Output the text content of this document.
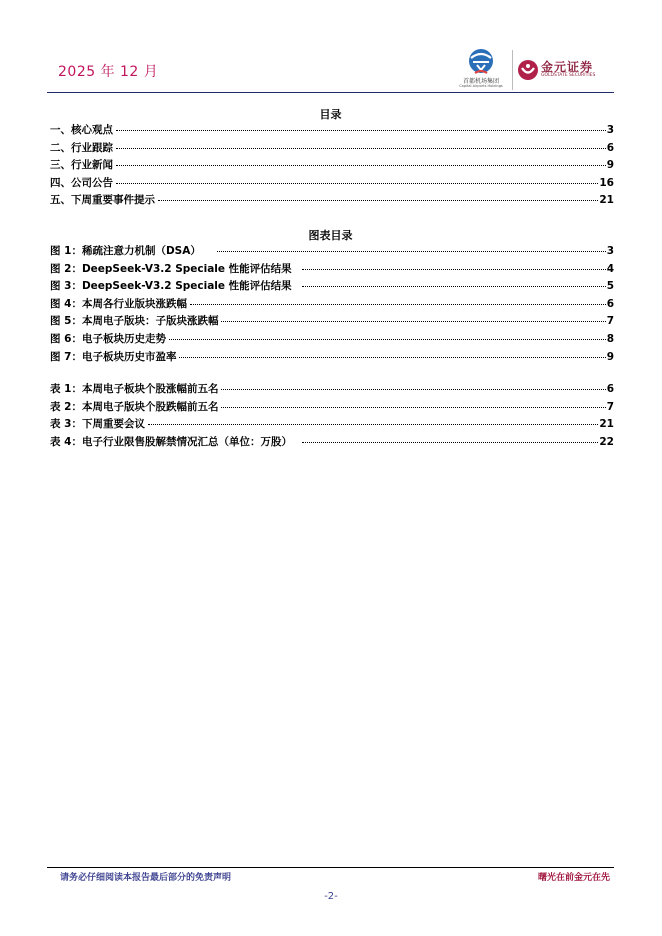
2025 年 12 月
首都机场集团
Capital Airports Holdings
金元证券
GOLDSTATE SECURITIES
目录
一、核心观点	3
二、行业跟踪	6
三、行业新闻	9
四、公司公告	16
五、下周重要事件提示	21
图表目录
图 1：稀疏注意力机制（DSA）	3
图 2：DeepSeek-V3.2 Speciale 性能评估结果	4
图 3：DeepSeek-V3.2 Speciale 性能评估结果	5
图 4：本周各行业版块涨跌幅	6
图 5：本周电子版块：子版块涨跌幅	7
图 6：电子板块历史走势	8
图 7：电子板块历史市盈率	9
表 1：本周电子板块个股涨幅前五名	6
表 2：本周电子版块个股跌幅前五名	7
表 3：下周重要会议	21
表 4：电子行业限售股解禁情况汇总（单位：万股）	22
请务必仔细阅读本报告最后部分的免责声明	曙光在前金元在先
-2-
